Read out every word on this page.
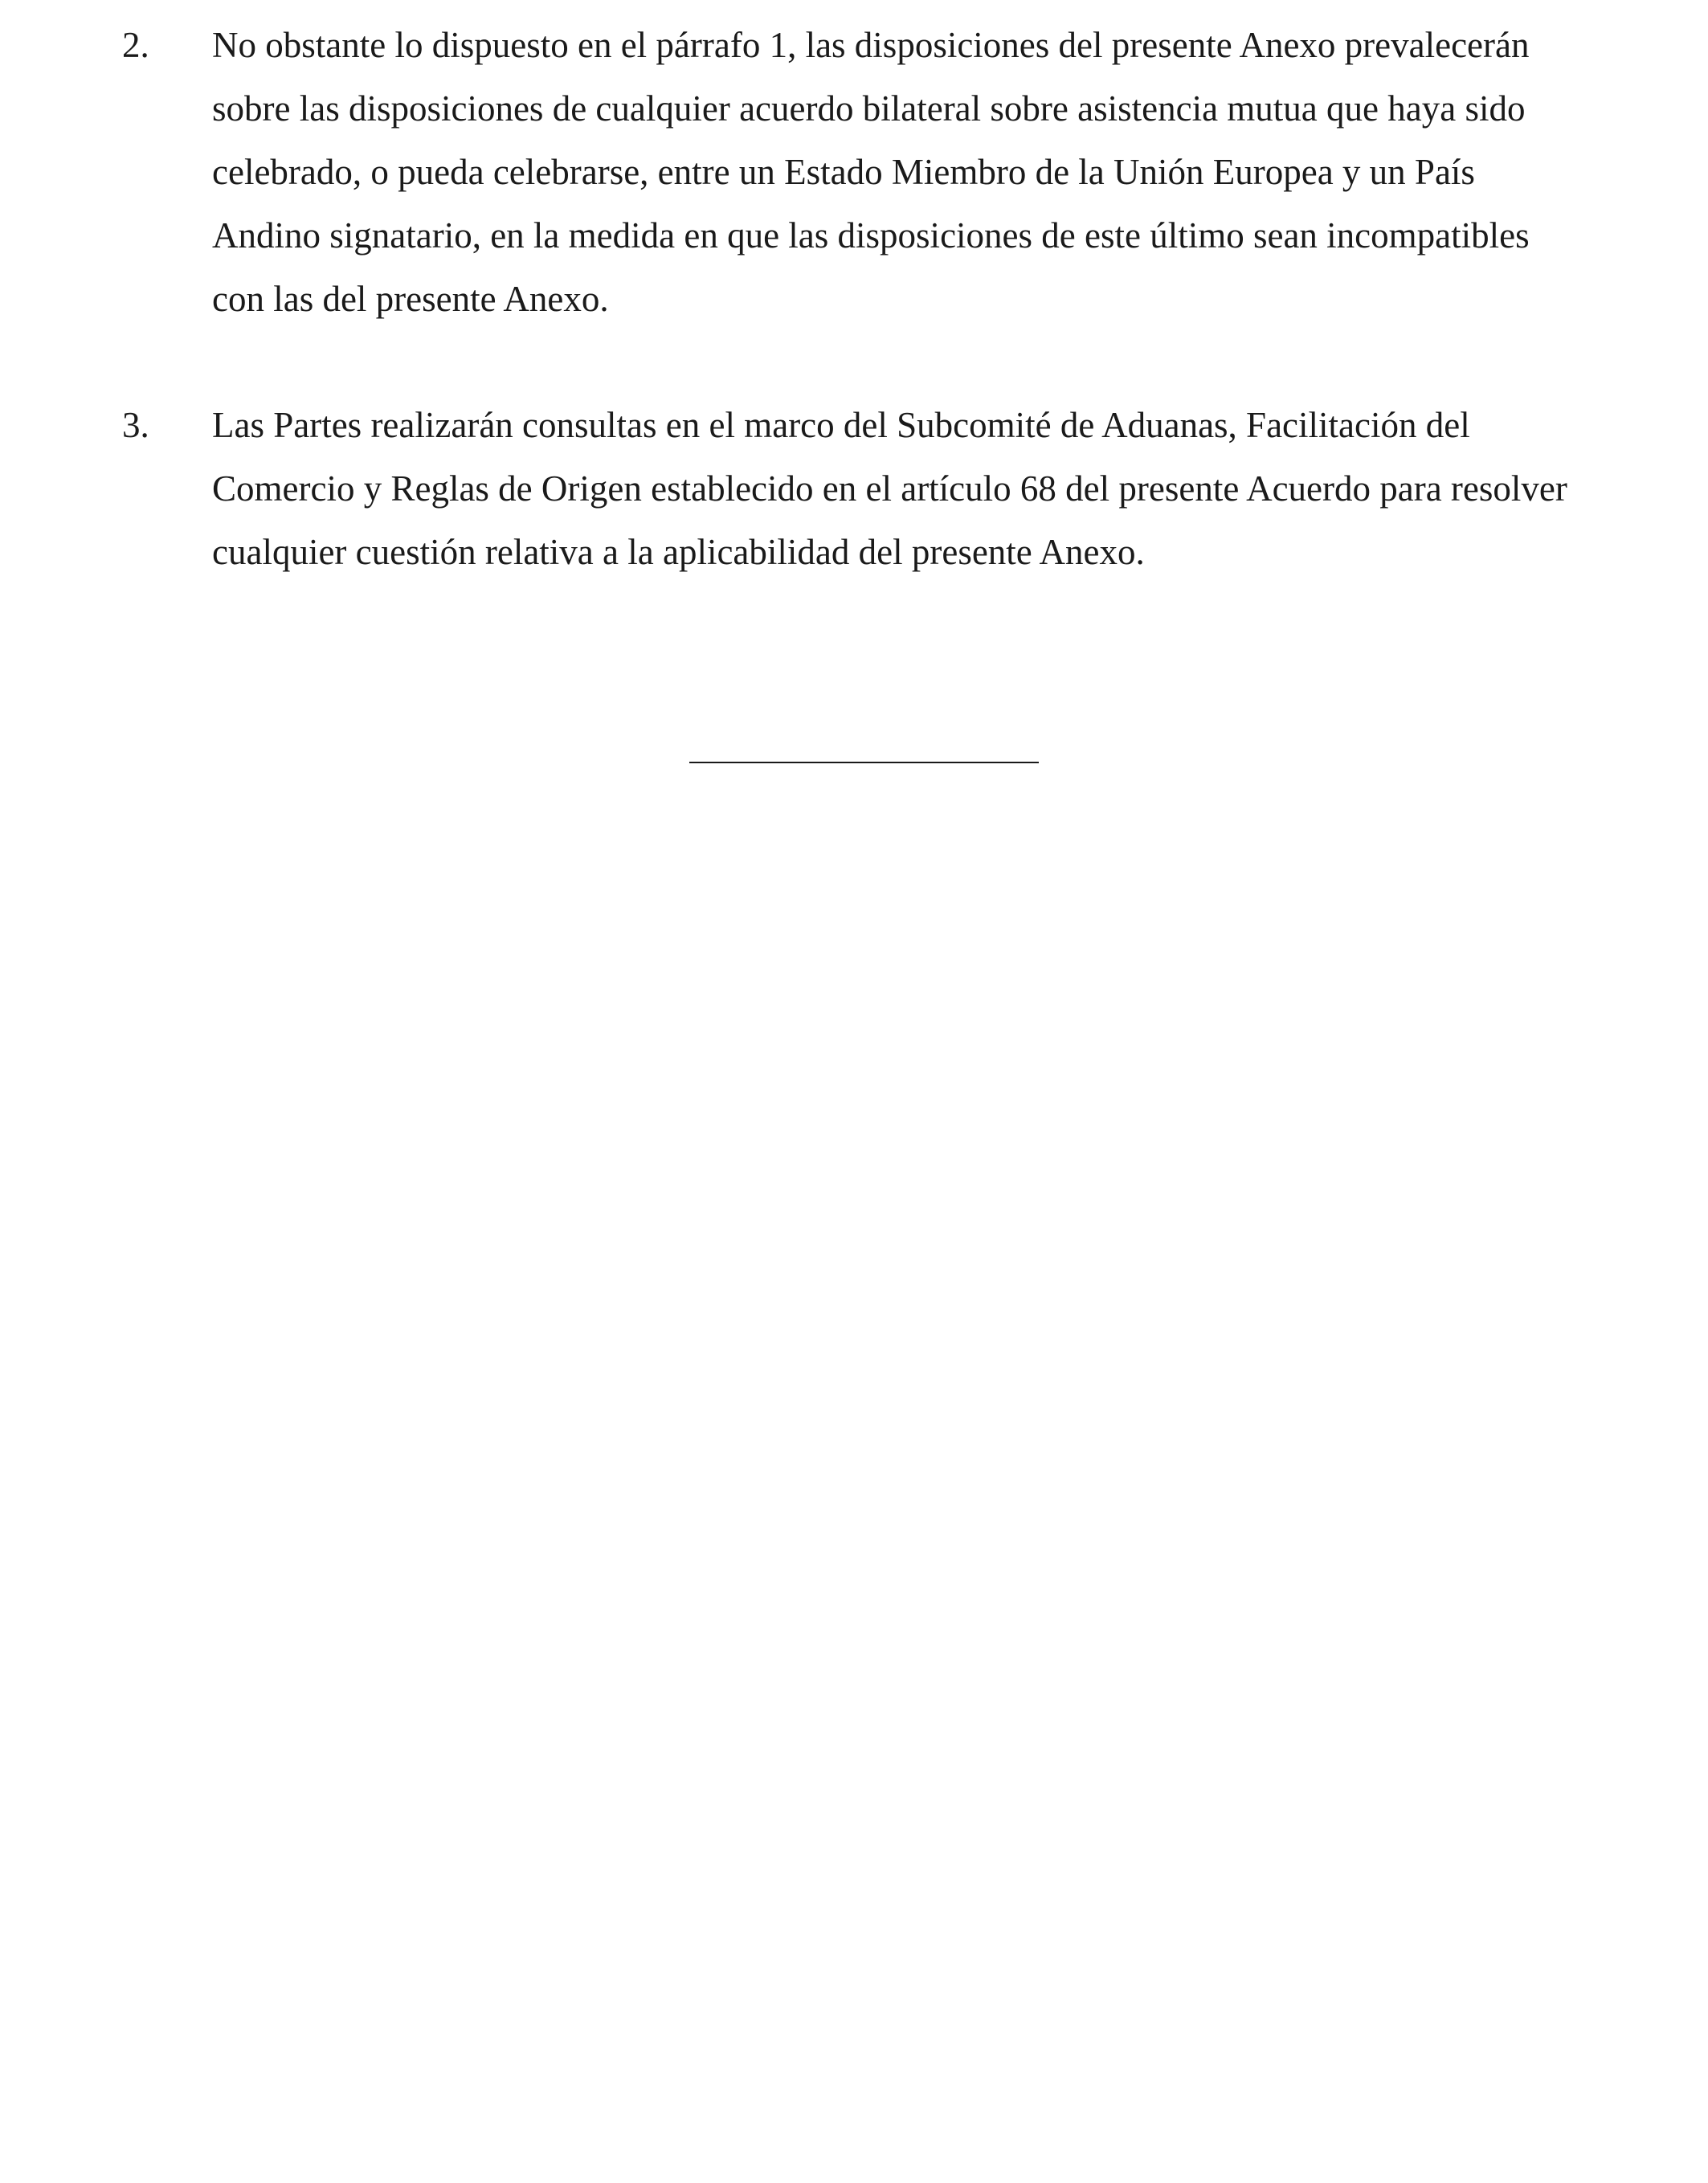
2. No obstante lo dispuesto en el párrafo 1, las disposiciones del presente Anexo prevalecerán
sobre las disposiciones de cualquier acuerdo bilateral sobre asistencia mutua que haya sido
celebrado, o pueda celebrarse, entre un Estado Miembro de la Unión Europea y un País
Andino signatario, en la medida en que las disposiciones de este último sean incompatibles
con las del presente Anexo.
3. Las Partes realizarán consultas en el marco del Subcomité de Aduanas, Facilitación del
Comercio y Reglas de Origen establecido en el artículo 68 del presente Acuerdo para resolver
cualquier cuestión relativa a la aplicabilidad del presente Anexo.
